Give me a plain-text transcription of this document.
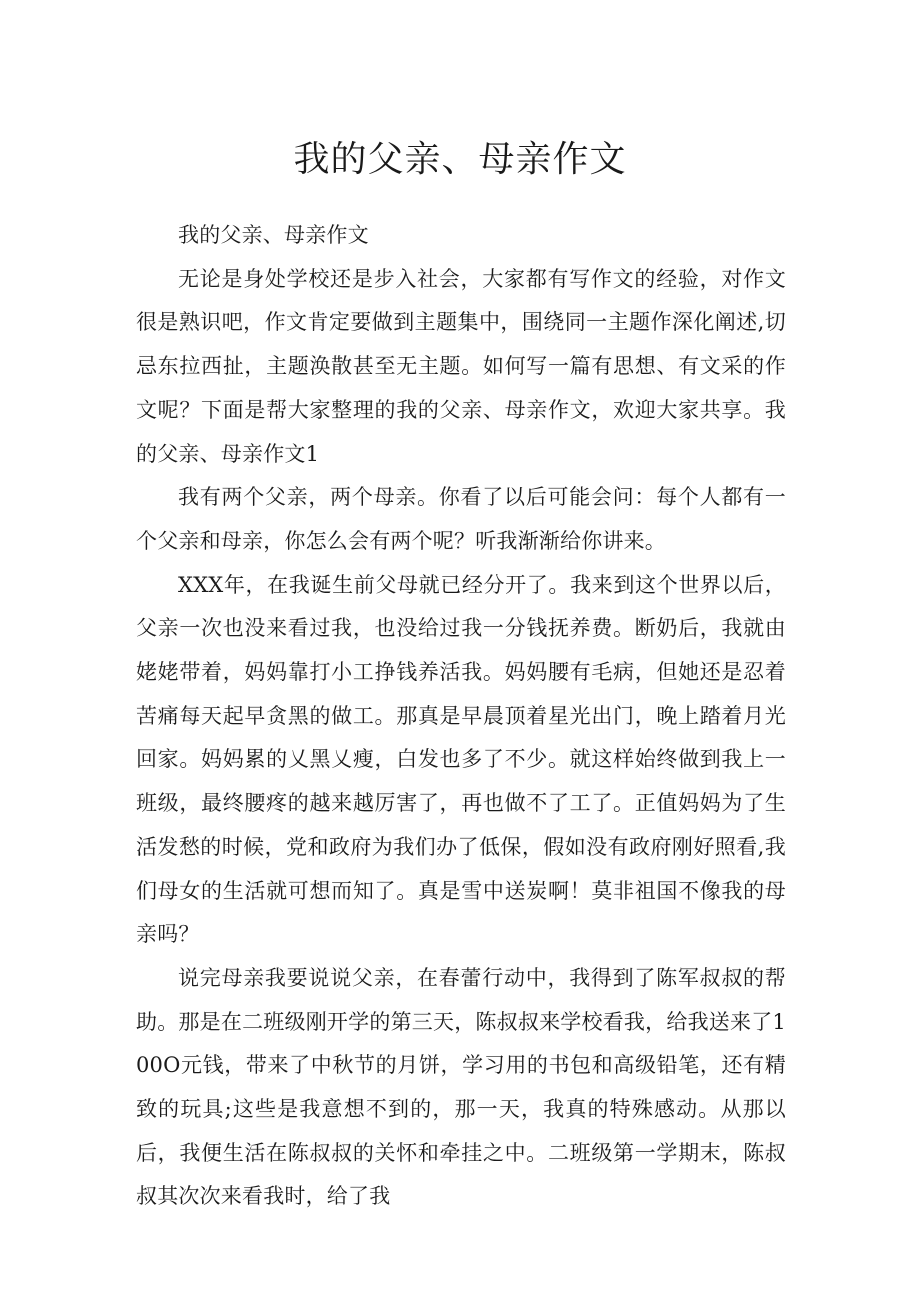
我的父亲、母亲作文

我的父亲、母亲作文

无论是身处学校还是步入社会，大家都有写作文的经验，对作文很是熟识吧，作文肯定要做到主题集中，围绕同一主题作深化阐述,切忌东拉西扯，主题涣散甚至无主题。如何写一篇有思想、有文采的作文呢？下面是帮大家整理的我的父亲、母亲作文，欢迎大家共享。我的父亲、母亲作文1

我有两个父亲，两个母亲。你看了以后可能会问：每个人都有一个父亲和母亲，你怎么会有两个呢？听我渐渐给你讲来。

XXX年，在我诞生前父母就已经分开了。我来到这个世界以后，父亲一次也没来看过我，也没给过我一分钱抚养费。断奶后，我就由姥姥带着，妈妈靠打小工挣钱养活我。妈妈腰有毛病，但她还是忍着苦痛每天起早贪黑的做工。那真是早晨顶着星光出门，晚上踏着月光回家。妈妈累的乂黑乂瘦，白发也多了不少。就这样始终做到我上一班级，最终腰疼的越来越厉害了，再也做不了工了。正值妈妈为了生活发愁的时候，党和政府为我们办了低保，假如没有政府刚好照看,我们母女的生活就可想而知了。真是雪中送炭啊！莫非祖国不像我的母亲吗？

说完母亲我要说说父亲，在春蕾行动中，我得到了陈军叔叔的帮助。那是在二班级刚开学的第三天，陈叔叔来学校看我，给我送来了100O元钱，带来了中秋节的月饼，学习用的书包和高级铅笔，还有精致的玩具;这些是我意想不到的，那一天，我真的特殊感动。从那以后，我便生活在陈叔叔的关怀和牵挂之中。二班级第一学期末，陈叔叔其次次来看我时，给了我
